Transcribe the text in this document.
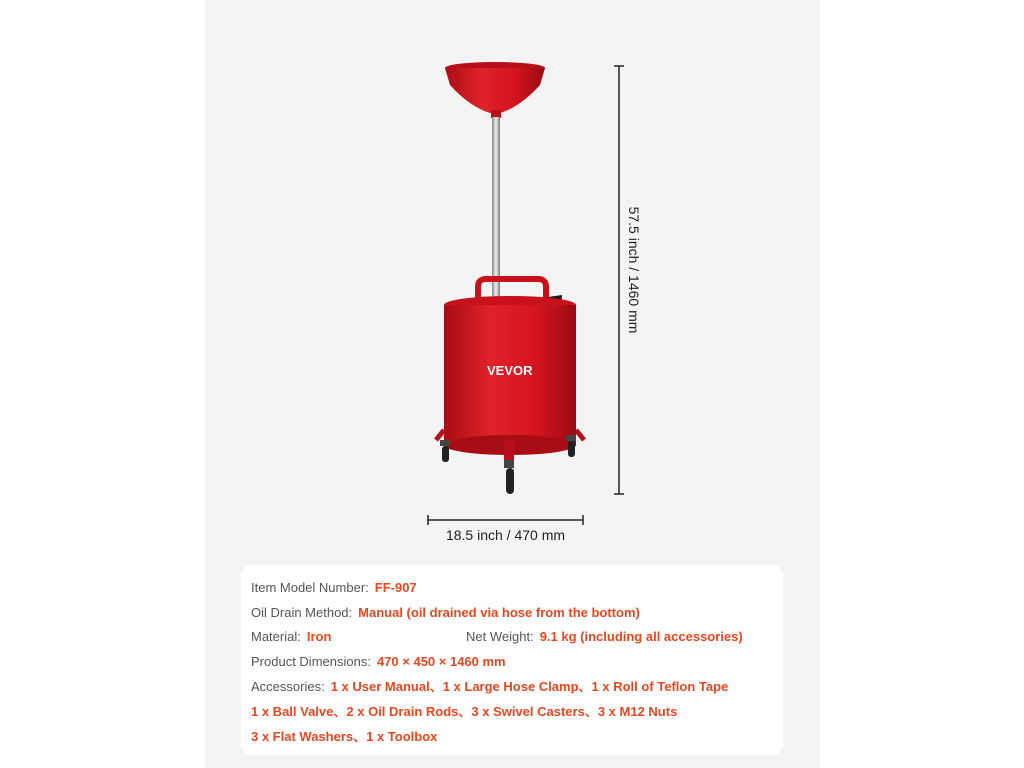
VEVOR
18.5 inch / 470 mm
57.5 inch / 1460 mm
Item Model Number: FF-907
Oil Drain Method: Manual (oil drained via hose from the bottom)
Material: Iron	Net Weight: 9.1 kg (including all accessories)
Product Dimensions: 470 × 450 × 1460 mm
Accessories: 1 x User Manual、1 x Large Hose Clamp、1 x Roll of Teflon Tape
1 x Ball Valve、2 x Oil Drain Rods、3 x Swivel Casters、3 x M12 Nuts
3 x Flat Washers、1 x Toolbox
